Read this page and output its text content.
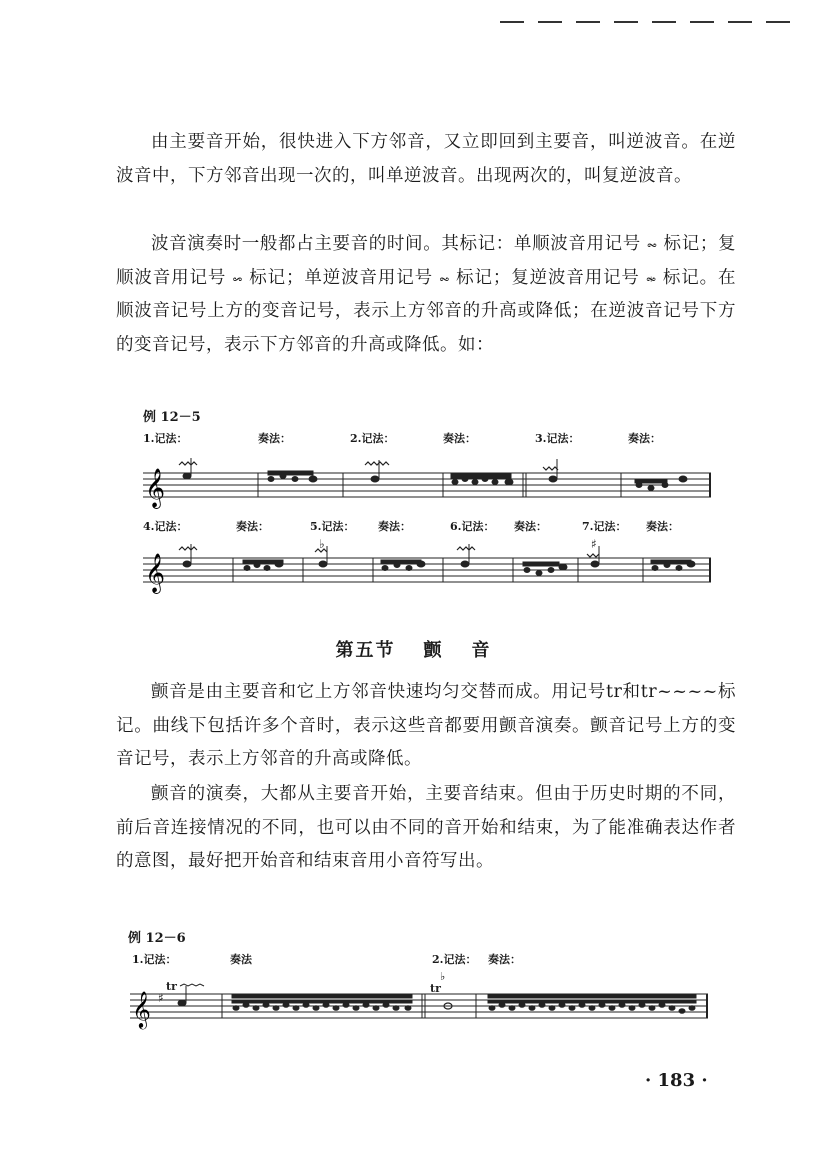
由主要音开始，很快进入下方邻音，又立即回到主要音，叫逆波音。在逆波音中，下方邻音出现一次的，叫单逆波音。出现两次的，叫复逆波音。
波音演奏时一般都占主要音的时间。其标记：单顺波音用记号 𝆗 标记；复顺波音用记号 𝆘 标记；单逆波音用记号 𝆗 标记；复逆波音用记号 𝆙 标记。在顺波音记号上方的变音记号，表示上方邻音的升高或降低；在逆波音记号下方的变音记号，表示下方邻音的升高或降低。如：
例 12－5
1.记法：	奏法：	2.记法：	奏法：	3.记法：	奏法：
𝄞
4.记法：	奏法：	5.记法： 奏法：	6.记法： 奏法：	7.记法： 奏法：
𝄞
♭	♯
第五节 颤 音
颤音是由主要音和它上方邻音快速均匀交替而成。用记号tr和tr~~~~标记。曲线下包括许多个音时，表示这些音都要用颤音演奏。颤音记号上方的变音记号，表示上方邻音的升高或降低。
颤音的演奏，大都从主要音开始，主要音结束。但由于历史时期的不同，前后音连接情况的不同，也可以由不同的音开始和结束，为了能准确表达作者的意图，最好把开始音和结束音用小音符写出。
例 12－6
1.记法：	奏法	2.记法： 奏法：
𝄞 ♯
tr
♭
tr
· 183 ·
